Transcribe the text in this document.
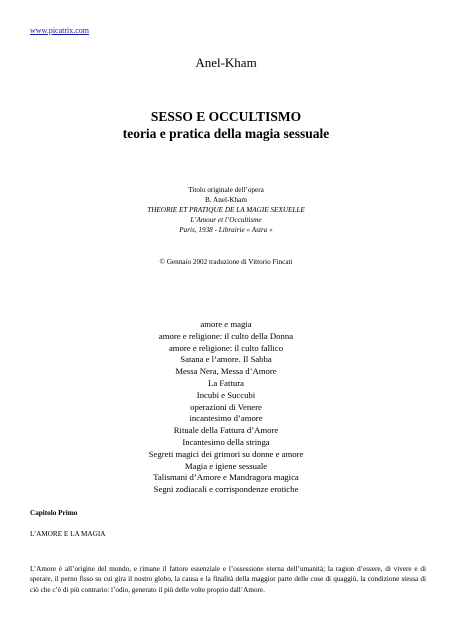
www.picatrix.com
Anel-Kham
SESSO E OCCULTISMO
teoria e pratica della magia sessuale
Titolo originale dell’opera
B. Anel-Kham
THEORIE ET PRATIQUE DE LA MAGIE SEXUELLE
L’Amour et l’Occultisme
Paris, 1938 - Librairie « Astra »
© Gennaio 2002 traduzione di Vittorio Fincati
amore e magia
amore e religione: il culto della Donna
amore e religione: il culto fallico
Satana e l’amore. Il Sabba
Messa Nera, Messa d’Amore
La Fattura
Incubi e Succubi
operazioni di Venere
incantesimo d’amore
Rituale della Fattura d’Amore
Incantesimo della stringa
Segreti magici dei grimori su donne e amore
Magia e igiene sessuale
Talismani d’Amore e Mandragora magica
Segni zodiacali e corrispondenze erotiche
Capitolo Primo
L’AMORE E LA MAGIA
L’Amore è all’origine del mondo, e rimane il fattore essenziale e l’ossessione eterna dell’umanità; la ragion d’essere, di vivere e di sperare, il perno fisso su cui gira il nostro globo, la causa e la finalità della maggior parte delle cose di quaggiù, la condizione stessa di ciò che c’è di più contrario: l’odio, generato il più delle volte proprio dall’Amore.
